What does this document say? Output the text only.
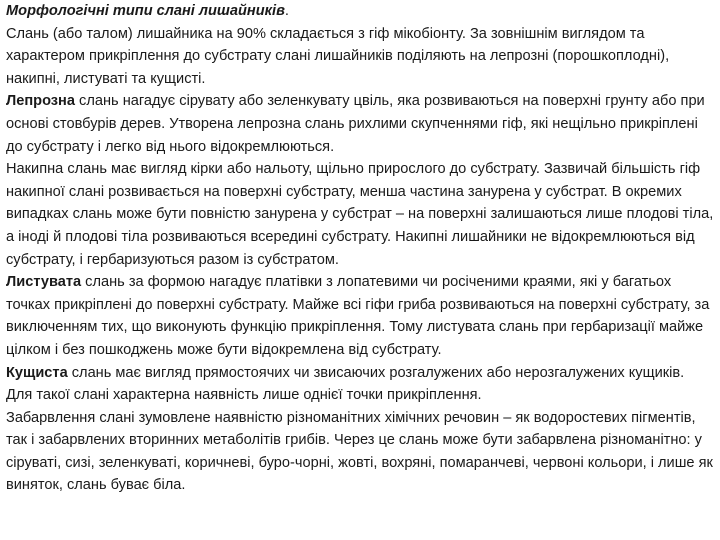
Морфологічні типи слані лишайників.

Слань (або талом) лишайника на 90% складається з гіф мікобіонту. За зовнішнім виглядом та характером прикріплення до субстрату слані лишайників поділяють на лепрозні (порошкоплодні), накипні, листуваті та кущисті.

Лепрозна слань нагадує сірувату або зеленкувату цвіль, яка розвиваються на поверхні грунту або при основі стовбурів дерев. Утворена лепрозна слань рихлими скупченнями гіф, які нещільно прикріплені до субстрату і легко від нього відокремлюються.

Накипна слань має вигляд кірки або нальоту, щільно прирослого до субстрату. Зазвичай більшість гіф накипної слані розвивається на поверхні субстрату, менша частина занурена у субстрат. В окремих випадках слань може бути повністю занурена у субстрат – на поверхні залишаються лише плодові тіла, а іноді й плодові тіла розвиваються всередині субстрату. Накипні лишайники не відокремлюються від субстрату, і гербаризуються разом із субстратом.

Листувата слань за формою нагадує платівки з лопатевими чи росіченими краями, які у багатьох точках прикріплені до поверхні субстрату. Майже всі гіфи гриба розвиваються на поверхні субстрату, за виключенням тих, що виконують функцію прикріплення. Тому листувата слань при гербаризації майже цілком і без пошкоджень може бути відокремлена від субстрату.

Кущиста слань має вигляд прямостоячих чи звисаючих розгалужених або нерозгалужених кущиків. Для такої слані характерна наявність лише однієї точки прикріплення.

Забарвлення слані зумовлене наявністю різноманітних хімічних речовин – як водоростевих пігментів, так і забарвлених вторинних метаболітів грибів. Через це слань може бути забарвлена різноманітно: у сіруваті, сизі, зеленкуваті, коричневі, буро-чорні, жовті, вохряні, помаранчеві, червоні кольори, і лише як виняток, слань буває біла.
